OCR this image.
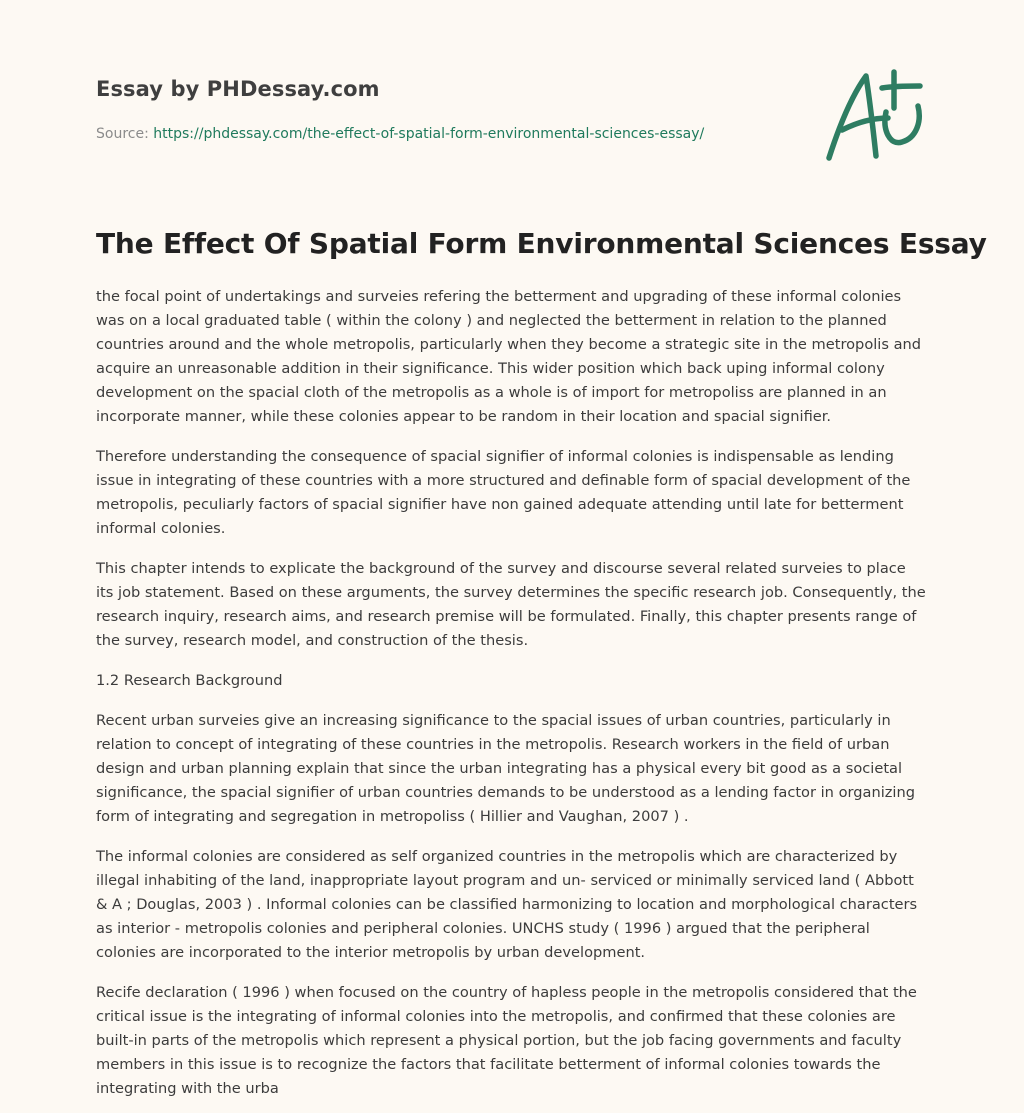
Essay by PHDessay.com
Source: https://phdessay.com/the-effect-of-spatial-form-environmental-sciences-essay/
The Effect Of Spatial Form Environmental Sciences Essay

the focal point of undertakings and surveies refering the betterment and upgrading of these informal colonies was on a local graduated table ( within the colony ) and neglected the betterment in relation to the planned countries around and the whole metropolis, particularly when they become a strategic site in the metropolis and acquire an unreasonable addition in their significance. This wider position which back uping informal colony development on the spacial cloth of the metropolis as a whole is of import for metropoliss are planned in an incorporate manner, while these colonies appear to be random in their location and spacial signifier.

Therefore understanding the consequence of spacial signifier of informal colonies is indispensable as lending issue in integrating of these countries with a more structured and definable form of spacial development of the metropolis, peculiarly factors of spacial signifier have non gained adequate attending until late for betterment informal colonies.

This chapter intends to explicate the background of the survey and discourse several related surveies to place its job statement. Based on these arguments, the survey determines the specific research job. Consequently, the research inquiry, research aims, and research premise will be formulated. Finally, this chapter presents range of the survey, research model, and construction of the thesis.

1.2 Research Background

Recent urban surveies give an increasing significance to the spacial issues of urban countries, particularly in relation to concept of integrating of these countries in the metropolis. Research workers in the field of urban design and urban planning explain that since the urban integrating has a physical every bit good as a societal significance, the spacial signifier of urban countries demands to be understood as a lending factor in organizing form of integrating and segregation in metropoliss ( Hillier and Vaughan, 2007 ) .

The informal colonies are considered as self organized countries in the metropolis which are characterized by illegal inhabiting of the land, inappropriate layout program and un- serviced or minimally serviced land ( Abbott & A ; Douglas, 2003 ) . Informal colonies can be classified harmonizing to location and morphological characters as interior - metropolis colonies and peripheral colonies. UNCHS study ( 1996 ) argued that the peripheral colonies are incorporated to the interior metropolis by urban development.

Recife declaration ( 1996 ) when focused on the country of hapless people in the metropolis considered that the critical issue is the integrating of informal colonies into the metropolis, and confirmed that these colonies are built-in parts of the metropolis which represent a physical portion, but the job facing governments and faculty members in this issue is to recognize the factors that facilitate betterment of informal colonies towards the integrating with the urba
